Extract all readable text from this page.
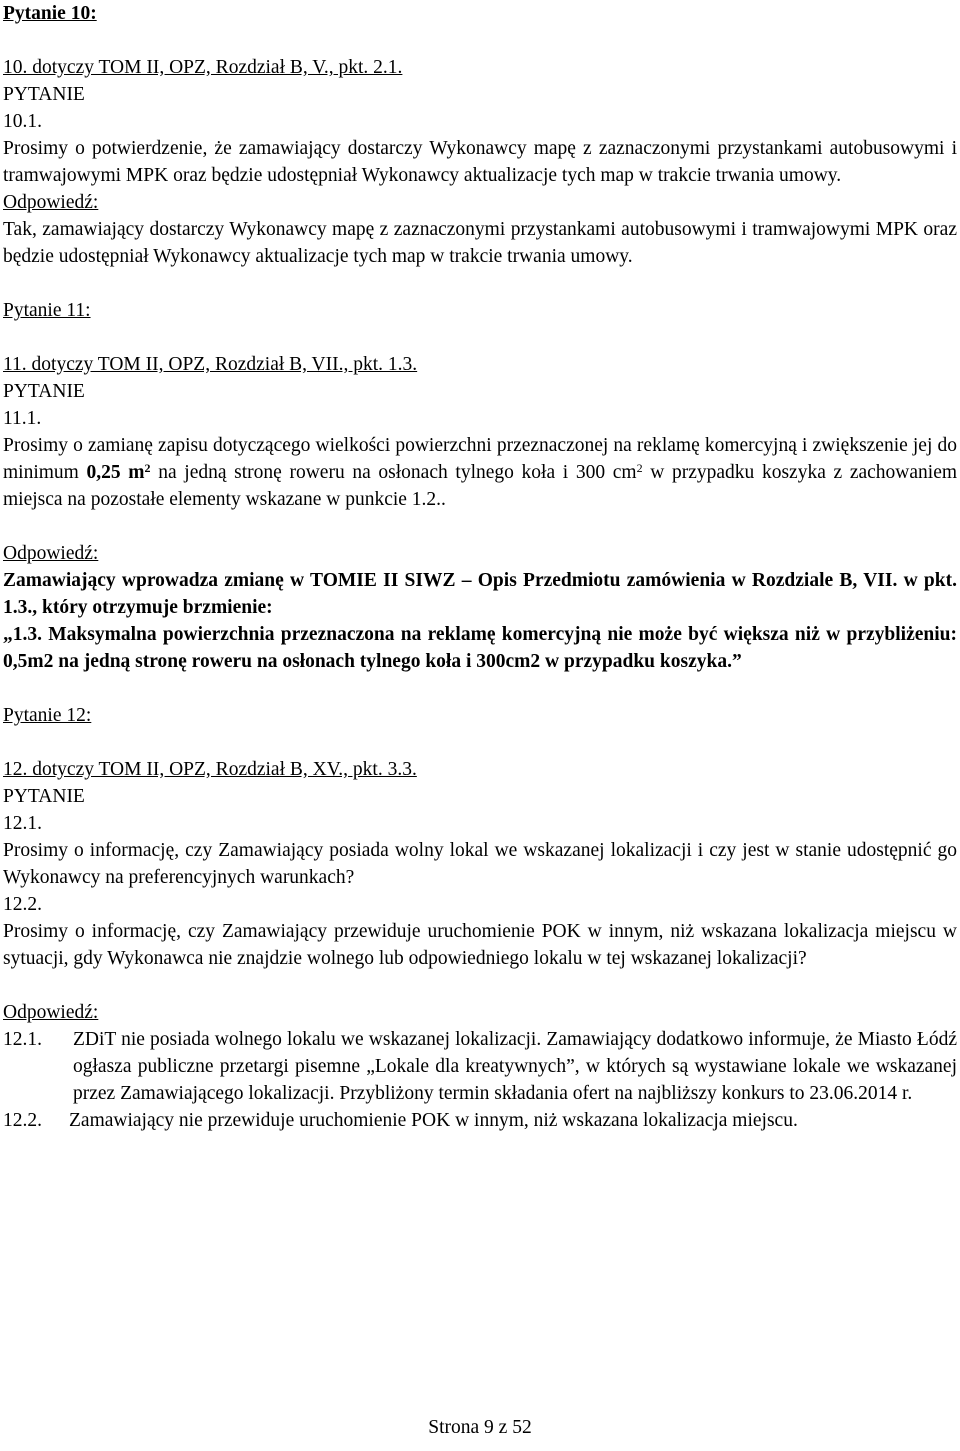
Pytanie 10:
10. dotyczy TOM II, OPZ, Rozdział B, V., pkt. 2.1.
PYTANIE
10.1.
Prosimy o potwierdzenie, że zamawiający dostarczy Wykonawcy mapę z zaznaczonymi przystankami autobusowymi i tramwajowymi MPK oraz będzie udostępniał Wykonawcy aktualizacje tych map w trakcie trwania umowy.
Odpowiedź:
Tak, zamawiający dostarczy Wykonawcy mapę z zaznaczonymi przystankami autobusowymi i tramwajowymi MPK oraz będzie udostępniał Wykonawcy aktualizacje tych map w trakcie trwania umowy.
Pytanie 11:
11. dotyczy TOM II, OPZ, Rozdział B, VII., pkt. 1.3.
PYTANIE
11.1.
Prosimy o zamianę zapisu dotyczącego wielkości powierzchni przeznaczonej na reklamę komercyjną i zwiększenie jej do minimum 0,25 $m^2$ na jedną stronę roweru na osłonach tylnego koła i 300 $cm^2$ w przypadku koszyka z zachowaniem miejsca na pozostałe elementy wskazane w punkcie 1.2..
Odpowiedź:
Zamawiający wprowadza zmianę w TOMIE II SIWZ – Opis Przedmiotu zamówienia w Rozdziale B, VII. w pkt. 1.3., który otrzymuje brzmienie:
„1.3. Maksymalna powierzchnia przeznaczona na reklamę komercyjną nie może być większa niż w przybliżeniu: 0,5m2 na jedną stronę roweru na osłonach tylnego koła i 300cm2 w przypadku koszyka.”
Pytanie 12:
12. dotyczy TOM II, OPZ, Rozdział B, XV., pkt. 3.3.
PYTANIE
12.1.
Prosimy o informację, czy Zamawiający posiada wolny lokal we wskazanej lokalizacji i czy jest w stanie udostępnić go Wykonawcy na preferencyjnych warunkach?
12.2.
Prosimy o informację, czy Zamawiający przewiduje uruchomienie POK w innym, niż wskazana lokalizacja miejscu w sytuacji, gdy Wykonawca nie znajdzie wolnego lub odpowiedniego lokalu w tej wskazanej lokalizacji?
Odpowiedź:
12.1.	ZDiT nie posiada wolnego lokalu we wskazanej lokalizacji. Zamawiający dodatkowo informuje, że Miasto Łódź ogłasza publiczne przetargi pisemne „Lokale dla kreatywnych”, w których są wystawiane lokale we wskazanej przez Zamawiającego lokalizacji. Przybliżony termin składania ofert na najbliższy konkurs to 23.06.2014 r.
12.2.	Zamawiający nie przewiduje uruchomienie POK w innym, niż wskazana lokalizacja miejscu.
Strona 9 z 52
